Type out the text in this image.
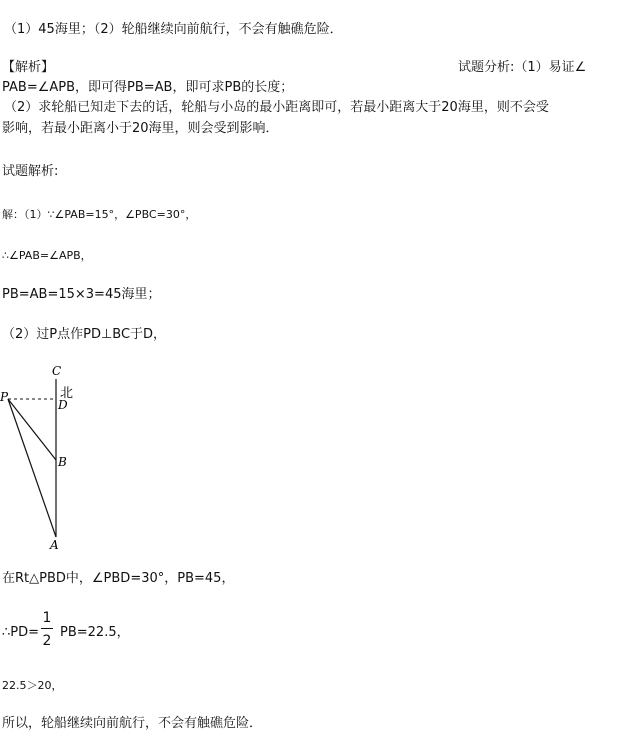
（1）45海里；（2）轮船继续向前航行，不会有触礁危险．
【解析】	试题分析:（1）易证∠
PAB=∠APB，即可得PB=AB，即可求PB的长度；
（2）求轮船已知走下去的话，轮船与小岛的最小距离即可，若最小距离大于20海里，则不会受
影响，若最小距离小于20海里，则会受到影响．
试题解析:
解：（1）∵∠PAB=15°，∠PBC=30°，
∴∠PAB=∠APB，
PB=AB=15×3=45海里；
（2）过P点作PD⊥BC于D，
C
P
D
北
B
A
在Rt△PBD中，∠PBD=30°，PB=45，
∴PD=
1
2
PB=22.5，
22.5＞20，
所以，轮船继续向前航行，不会有触礁危险．
